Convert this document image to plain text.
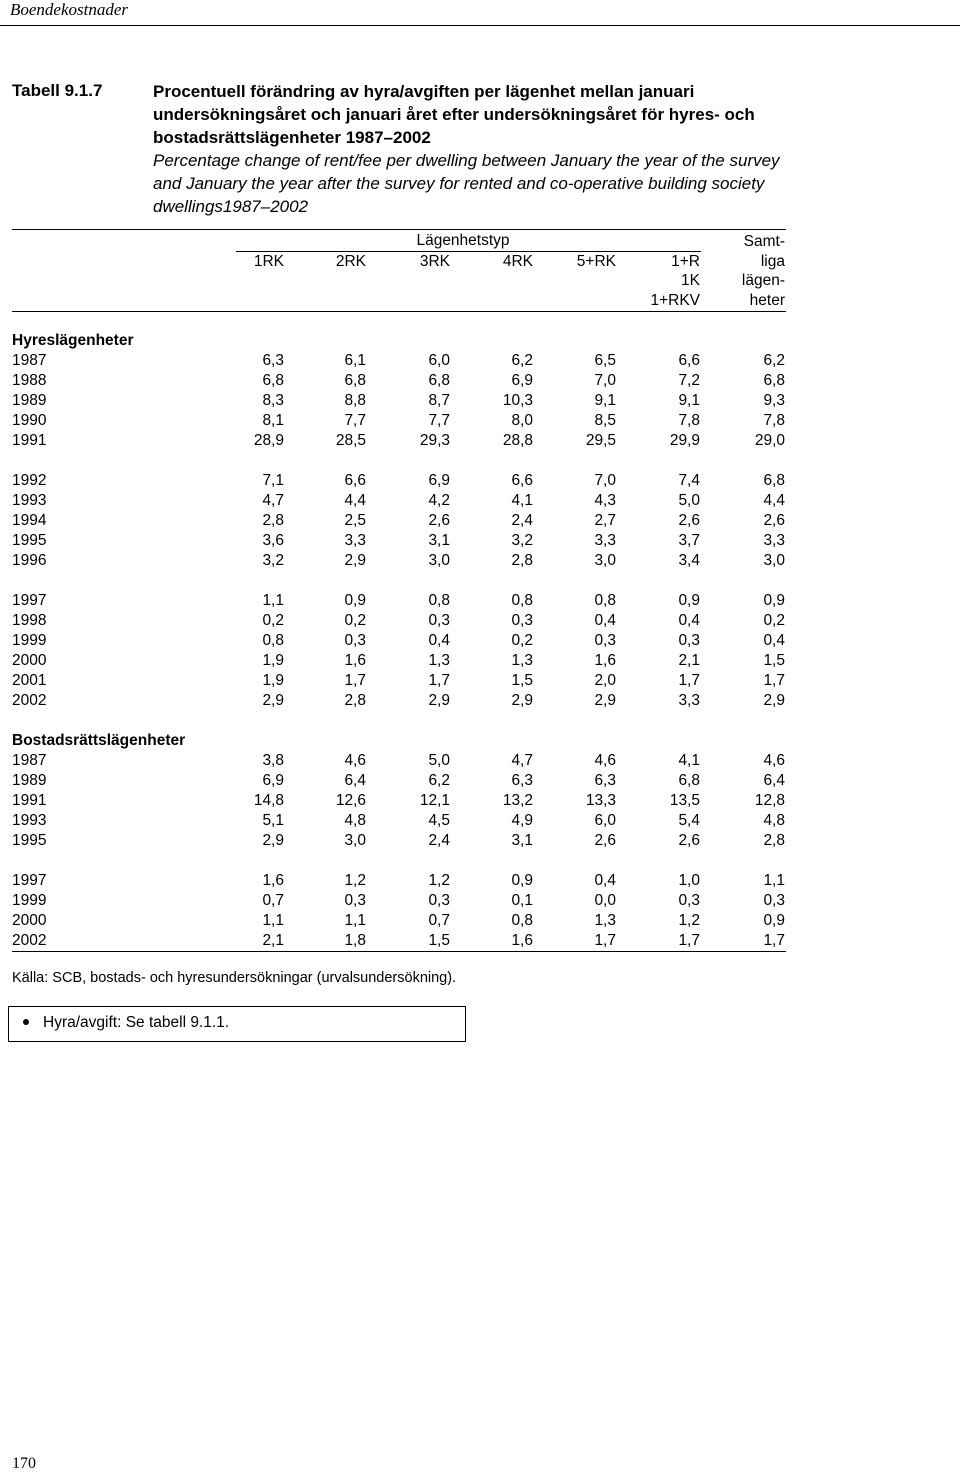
Boendekostnader
Tabell 9.1.7	Procentuell förändring av hyra/avgiften per lägenhet mellan januari undersökningsåret och januari året efter undersökningsåret för hyres- och bostadsrättslägenheter 1987–2002
Percentage change of rent/fee per dwelling between January the year of the survey and January the year after the survey for rented and co-operative building society dwellings1987–2002
Lägenhetstyp
1RK	2RK	3RK	4RK	5+RK	1+R
1K
1+RKV
Samt-
liga
lägen-
heter
Hyreslägenheter
1987	6,3	6,1	6,0	6,2	6,5	6,6	6,2
1988	6,8	6,8	6,8	6,9	7,0	7,2	6,8
1989	8,3	8,8	8,7	10,3	9,1	9,1	9,3
1990	8,1	7,7	7,7	8,0	8,5	7,8	7,8
1991	28,9	28,5	29,3	28,8	29,5	29,9	29,0
1992	7,1	6,6	6,9	6,6	7,0	7,4	6,8
1993	4,7	4,4	4,2	4,1	4,3	5,0	4,4
1994	2,8	2,5	2,6	2,4	2,7	2,6	2,6
1995	3,6	3,3	3,1	3,2	3,3	3,7	3,3
1996	3,2	2,9	3,0	2,8	3,0	3,4	3,0
1997	1,1	0,9	0,8	0,8	0,8	0,9	0,9
1998	0,2	0,2	0,3	0,3	0,4	0,4	0,2
1999	0,8	0,3	0,4	0,2	0,3	0,3	0,4
2000	1,9	1,6	1,3	1,3	1,6	2,1	1,5
2001	1,9	1,7	1,7	1,5	2,0	1,7	1,7
2002	2,9	2,8	2,9	2,9	2,9	3,3	2,9
Bostadsrättslägenheter
1987	3,8	4,6	5,0	4,7	4,6	4,1	4,6
1989	6,9	6,4	6,2	6,3	6,3	6,8	6,4
1991	14,8	12,6	12,1	13,2	13,3	13,5	12,8
1993	5,1	4,8	4,5	4,9	6,0	5,4	4,8
1995	2,9	3,0	2,4	3,1	2,6	2,6	2,8
1997	1,6	1,2	1,2	0,9	0,4	1,0	1,1
1999	0,7	0,3	0,3	0,1	0,0	0,3	0,3
2000	1,1	1,1	0,7	0,8	1,3	1,2	0,9
2002	2,1	1,8	1,5	1,6	1,7	1,7	1,7
Källa: SCB, bostads- och hyresundersökningar (urvalsundersökning).
Hyra/avgift: Se tabell 9.1.1.
170
